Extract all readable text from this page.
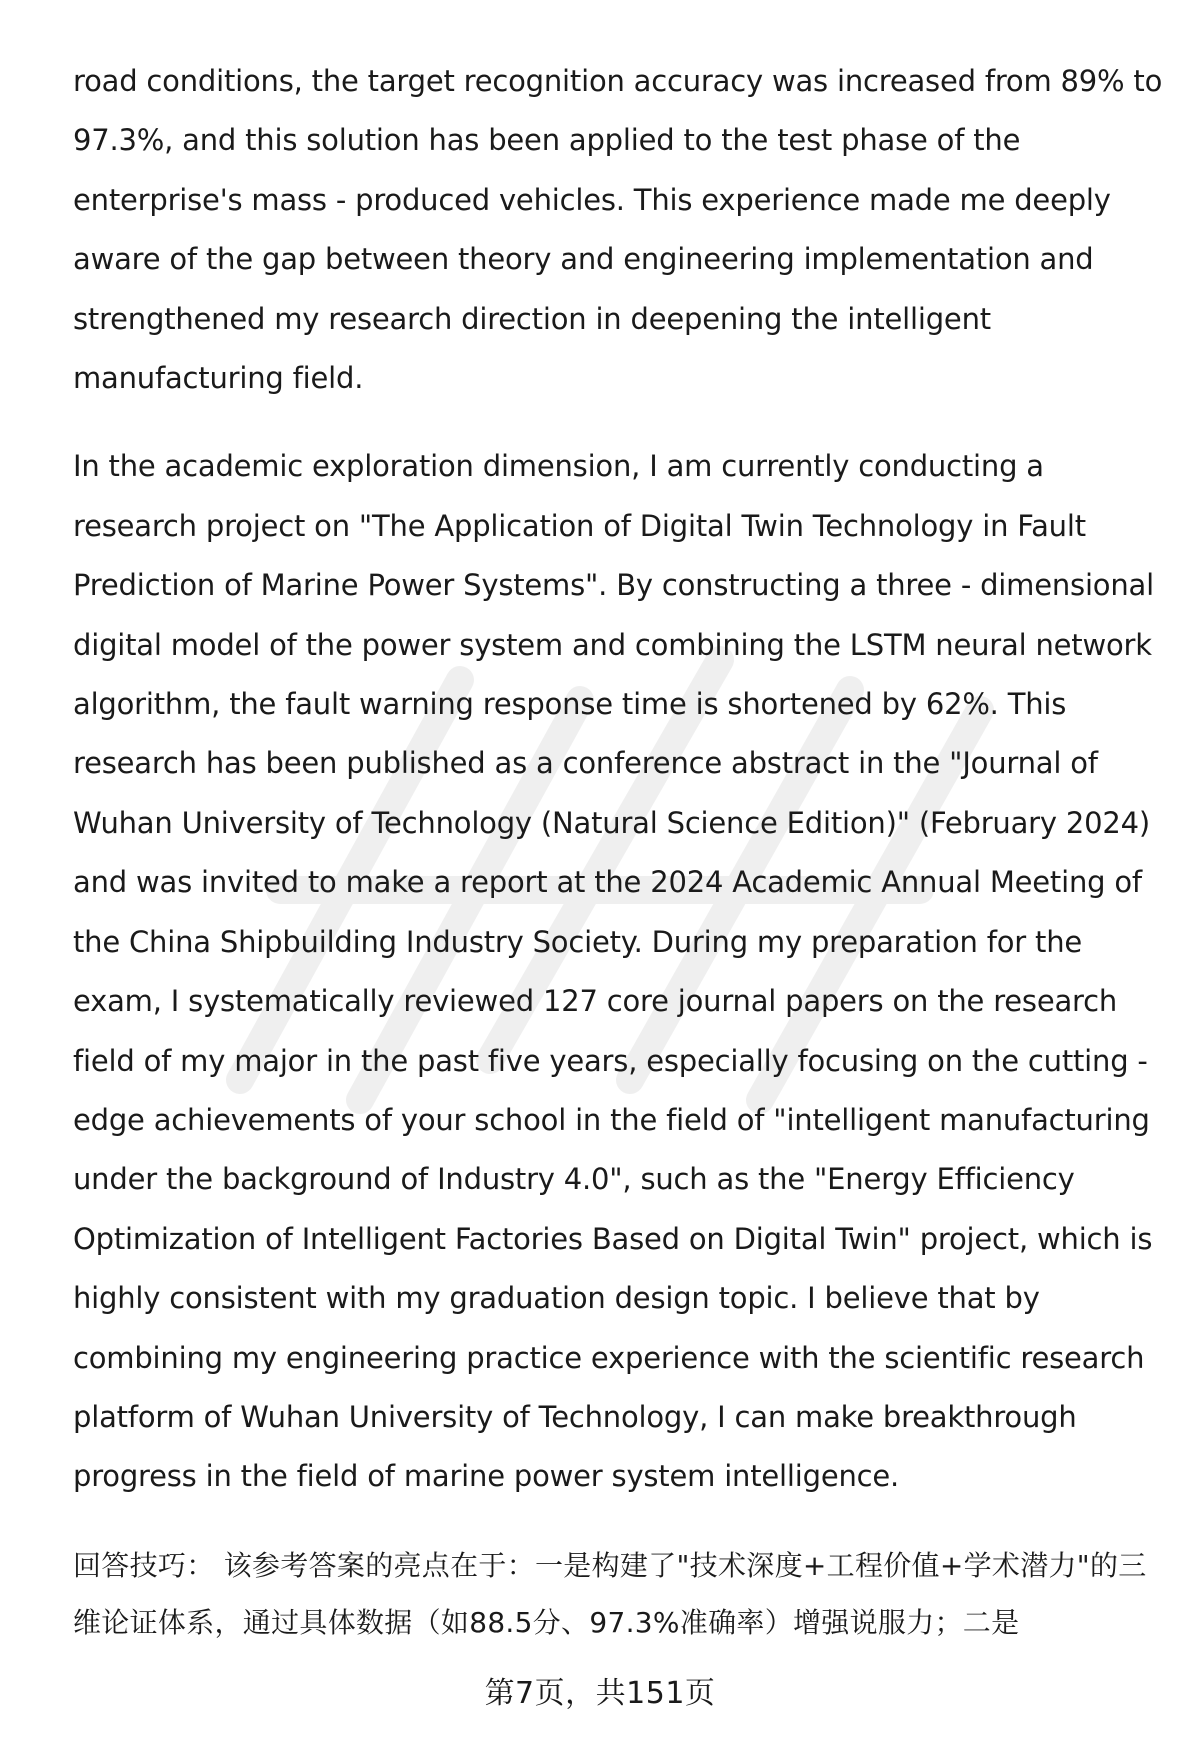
road conditions, the target recognition accuracy was increased from 89% to 97.3%, and this solution has been applied to the test phase of the enterprise's mass - produced vehicles. This experience made me deeply aware of the gap between theory and engineering implementation and strengthened my research direction in deepening the intelligent manufacturing field.

In the academic exploration dimension, I am currently conducting a research project on "The Application of Digital Twin Technology in Fault Prediction of Marine Power Systems". By constructing a three - dimensional digital model of the power system and combining the LSTM neural network algorithm, the fault warning response time is shortened by 62%. This research has been published as a conference abstract in the "Journal of Wuhan University of Technology (Natural Science Edition)" (February 2024) and was invited to make a report at the 2024 Academic Annual Meeting of the China Shipbuilding Industry Society. During my preparation for the exam, I systematically reviewed 127 core journal papers on the research field of my major in the past five years, especially focusing on the cutting - edge achievements of your school in the field of "intelligent manufacturing under the background of Industry 4.0", such as the "Energy Efficiency Optimization of Intelligent Factories Based on Digital Twin" project, which is highly consistent with my graduation design topic. I believe that by combining my engineering practice experience with the scientific research platform of Wuhan University of Technology, I can make breakthrough progress in the field of marine power system intelligence.

回答技巧： 该参考答案的亮点在于：一是构建了"技术深度+工程价值+学术潜力"的三维论证体系，通过具体数据（如88.5分、97.3%准确率）增强说服力；二是

第7页，共151页
